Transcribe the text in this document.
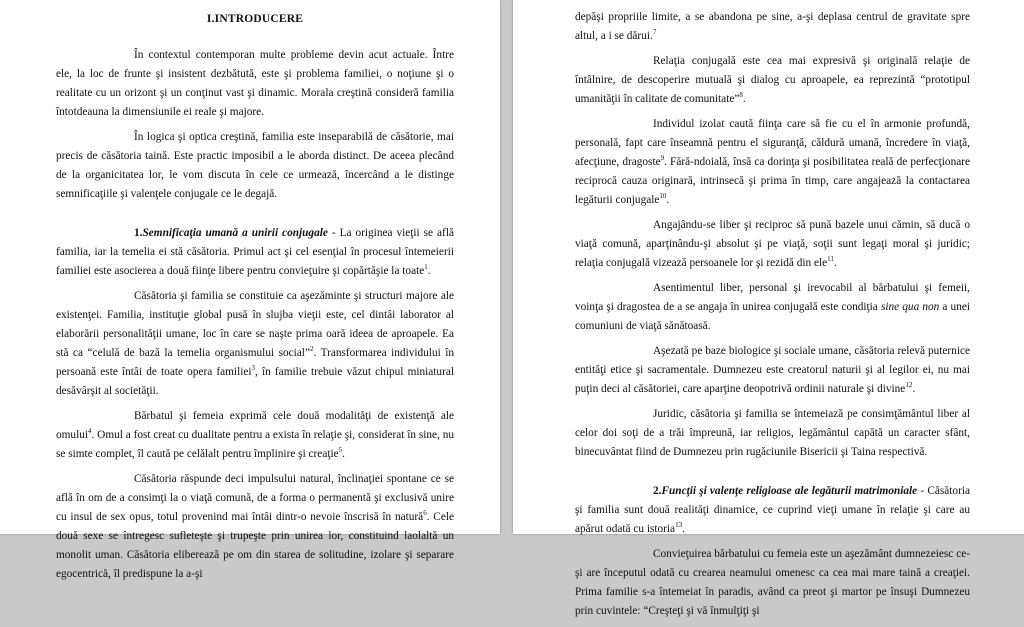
I.INTRODUCERE

În contextul contemporan multe probleme devin acut actuale. Între ele, la loc de frunte şi insistent dezbătută, este şi problema familiei, o noţiune şi o realitate cu un orizont şi un conţinut vast şi dinamic. Morala creştină consideră familia întotdeauna la dimensiunile ei reale şi majore.

În logica şi optica creştină, familia este inseparabilă de căsătorie, mai precis de căsătoria taină. Este practic imposibil a le aborda distinct. De aceea plecând de la organicitatea lor, le vom discuta în cele ce urmează, încercând a le distinge semnificaţiile şi valenţele conjugale ce le degajă.

1.Semnificaţia umană a unirii conjugale - La originea vieţii se află familia, iar la temelia ei stă căsătoria. Primul act şi cel esenţial în procesul întemeierii familiei este asocierea a două fiinţe libere pentru convieţuire şi copărtăşie la toate$^1$.

Căsătoria şi familia se constituie ca aşezăminte şi structuri majore ale existenţei. Familia, instituţie global pusă în slujba vieţii este, cel dintâi laborator al elaborării personalităţii umane, loc în care se naşte prima oară ideea de aproapele. Ea stă ca “celulă de bază la temelia organismului social”$^2$. Transformarea individului în persoană este întâi de toate opera familiei$^3$, în familie trebuie văzut chipul miniatural desăvârşit al societăţii.

Bărbatul şi femeia exprimă cele două modalităţi de existenţă ale omului$^4$. Omul a fost creat cu dualitate pentru a exista în relaţie şi, considerat în sine, nu se simte complet, îl caută pe celălalt pentru împlinire şi creaţie$^5$.

Căsătoria răspunde deci impulsului natural, înclinaţiei spontane ce se află în om de a consimţi la o viaţă comună, de a forma o permanentă şi exclusivă unire cu insul de sex opus, totul provenind mai întâi dintr-o nevoie înscrisă în natură$^6$. Cele două sexe se întregesc sufleteşte şi trupeşte prin unirea lor, constituind laolaltă un monolit uman. Căsătoria eliberează pe om din starea de solitudine, izolare şi separare egocentrică, îl predispune la a-şi

depăşi propriile limite, a se abandona pe sine, a-şi deplasa centrul de gravitate spre altul, a i se dărui.$^7$

Relaţia conjugală este cea mai expresivă şi originală relaţie de întâlnire, de descoperire mutuală şi dialog cu aproapele, ea reprezintă “prototipul umanităţii în calitate de comunitate”$^8$.

Individul izolat caută fiinţa care să fie cu el în armonie profundă, personală, fapt care înseamnă pentru el siguranţă, căldură umană, încredere în viaţă, afecţiune, dragoste$^9$. Fără-ndoială, însă ca dorinţa şi posibilitatea reală de perfecţionare reciprocă cauza originară, intrinsecă şi prima în timp, care angajează la contactarea legăturii conjugale$^{10}$.

Angajându-se liber şi reciproc să pună bazele unui cămin, să ducă o viaţă comună, aparţinându-şi absolut şi pe viaţă, soţii sunt legaţi moral şi juridic; relaţia conjugală vizează persoanele lor şi rezidă din ele$^{11}$.

Asentimentul liber, personal şi irevocabil al bărbatului şi femeii, voinţa şi dragostea de a se angaja în unirea conjugală este condiţia sine qua non a unei comuniuni de viaţă sănătoasă.

Aşezată pe baze biologice şi sociale umane, căsătoria relevă puternice entităţi etice şi sacramentale. Dumnezeu este creatorul naturii şi al legilor ei, nu mai puţin deci al căsătoriei, care aparţine deopotrivă ordinii naturale şi divine$^{12}$.

Juridic, căsătoria şi familia se întemeiază pe consimţământul liber al celor doi soţi de a trăi împreună, iar religios, legământul capătă un caracter sfânt, binecuvântat fiind de Dumnezeu prin rugăciunile Bisericii şi Taina respectivă.

2.Funcţii şi valenţe religioase ale legăturii matrimoniale - Căsătoria şi familia sunt două realităţi dinamice, ce cuprind vieţi umane în relaţie şi care au apărut odată cu istoria$^{13}$.

Convieţuirea bărbatului cu femeia este un aşezământ dumnezeiesc ce-şi are începutul odată cu crearea neamului omenesc ca cea mai mare taină a creaţiei. Prima familie s-a întemeiat în paradis, având ca preot şi martor pe însuşi Dumnezeu prin cuvintele: “Creşteţi şi vă înmulţiţi şi
